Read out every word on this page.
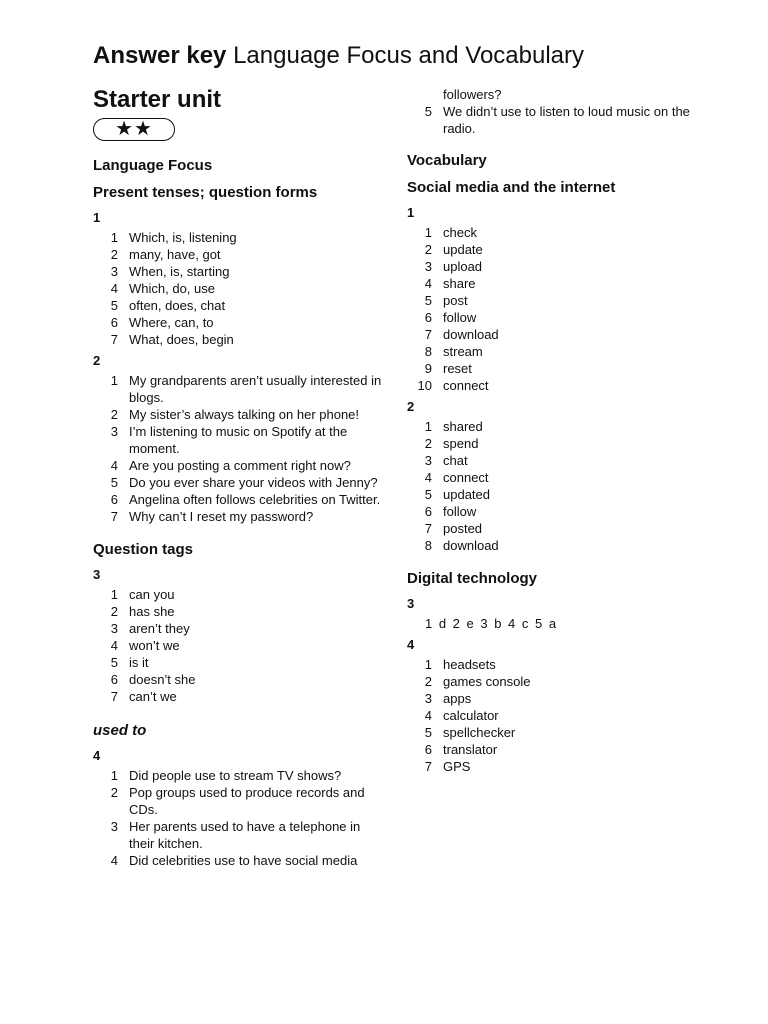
Answer key Language Focus and Vocabulary
Starter unit
★★
Language Focus
Present tenses; question forms

1

1 Which, is, listening
2 many, have, got
3 When, is, starting
4 Which, do, use
5 often, does, chat
6 Where, can, to
7 What, does, begin

2

1 My grandparents aren’t usually interested in blogs.
2 My sister’s always talking on her phone!
3 I’m listening to music on Spotify at the moment.
4 Are you posting a comment right now?
5 Do you ever share your videos with Jenny?
6 Angelina often follows celebrities on Twitter.
7 Why can’t I reset my password?
Question tags

3

1 can you
2 has she
3 aren’t they
4 won’t we
5 is it
6 doesn’t she
7 can’t we
used to

4

1 Did people use to stream TV shows?
2 Pop groups used to produce records and CDs.
3 Her parents used to have a telephone in their kitchen.
4 Did celebrities use to have social media
followers?
5 We didn’t use to listen to loud music on the radio.
Vocabulary
Social media and the internet

1

1 check
2 update
3 upload
4 share
5 post
6 follow
7 download
8 stream
9 reset
10 connect

2

1 shared
2 spend
3 chat
4 connect
5 updated
6 follow
7 posted
8 download
Digital technology

3

1 d 2 e 3 b 4 c 5 a

4

1 headsets
2 games console
3 apps
4 calculator
5 spellchecker
6 translator
7 GPS
